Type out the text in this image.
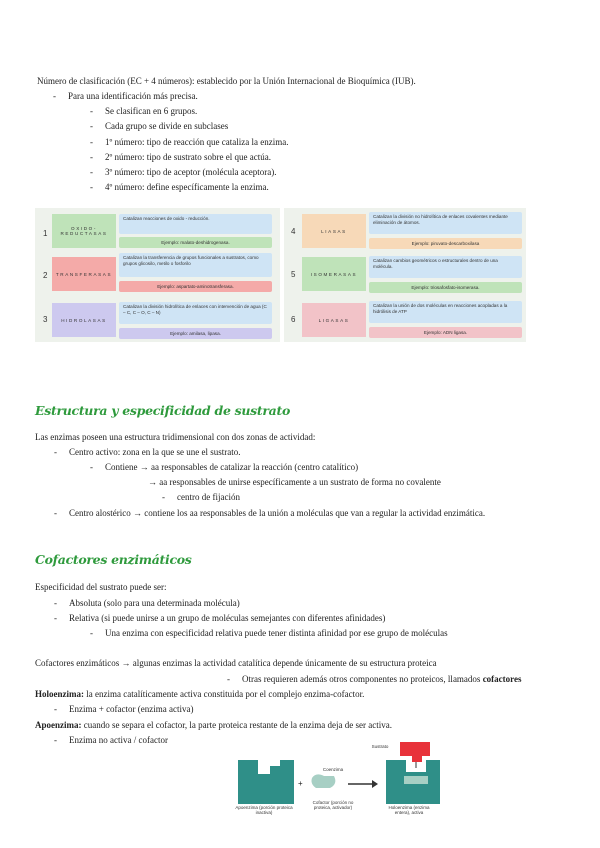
Número de clasificación (EC + 4 números): establecido por la Unión Internacional de Bioquímica (IUB).
- Para una identificación más precisa.
- Se clasifican en 6 grupos.
- Cada grupo se divide en subclases
- 1º número: tipo de reacción que cataliza la enzima.
- 2º número: tipo de sustrato sobre el que actúa.
- 3º número: tipo de aceptor (molécula aceptora).
- 4º número: define específicamente la enzima.
1
OXIDO-
REDUCTASAS
Catalizan reacciones de oxido - reducción.
Ejemplo: malato-deshidrogenasa.
2	TRANSFERASAS
Catalizan la transferencia de grupos funcionales a sustratos, como grupos glicosilo, metilo o fosforilo
Ejemplo: aspartato-aminotransferasa.
3	HIDROLASAS
Catalizan la división hidrolítica de enlaces con intervención de agua (C – C, C – O, C – N)
Ejemplo: amilasa, lipasa.
4	LIASAS
Catalizan la división no hidrolítica de enlaces covalentes mediante eliminación de átomos.
Ejemplo: piruvato-descarboxilasa
5	ISOMERASAS
Catalizan cambios geométricos o estructurales dentro de una molécula.
Ejemplo: triosafosfato-isomerasa.
6	LIGASAS
Catalizan la unión de dos moléculas en reacciones acopladas a la hidrólisis de ATP
Ejemplo: ADN ligasa.
Estructura y especificidad de sustrato
Las enzimas poseen una estructura tridimensional con dos zonas de actividad:
- Centro activo: zona en la que se une el sustrato.
- Contiene → aa responsables de catalizar la reacción (centro catalítico)
→ aa responsables de unirse específicamente a un sustrato de forma no covalente
- centro de fijación
- Centro alostérico → contiene los aa responsables de la unión a moléculas que van a regular la actividad enzimática.
Cofactores enzimáticos
Especificidad del sustrato puede ser:
- Absoluta (solo para una determinada molécula)
- Relativa (si puede unirse a un grupo de moléculas semejantes con diferentes afinidades)
- Una enzima con especificidad relativa puede tener distinta afinidad por ese grupo de moléculas
Cofactores enzimáticos → algunas enzimas la actividad catalítica depende únicamente de su estructura proteica
- Otras requieren además otros componentes no proteicos, llamados cofactores
Holoenzima: la enzima catalíticamente activa constituida por el complejo enzima-cofactor.
- Enzima + cofactor (enzima activa)
Apoenzima: cuando se separa el cofactor, la parte proteica restante de la enzima deja de ser activa.
- Enzima no activa / cofactor
Apoenzima (porción proteica inactiva)
+
Coenzima
Cofactor (porción no proteica, activador)
Sustrato
Holoenzima (enzima entera), activa
